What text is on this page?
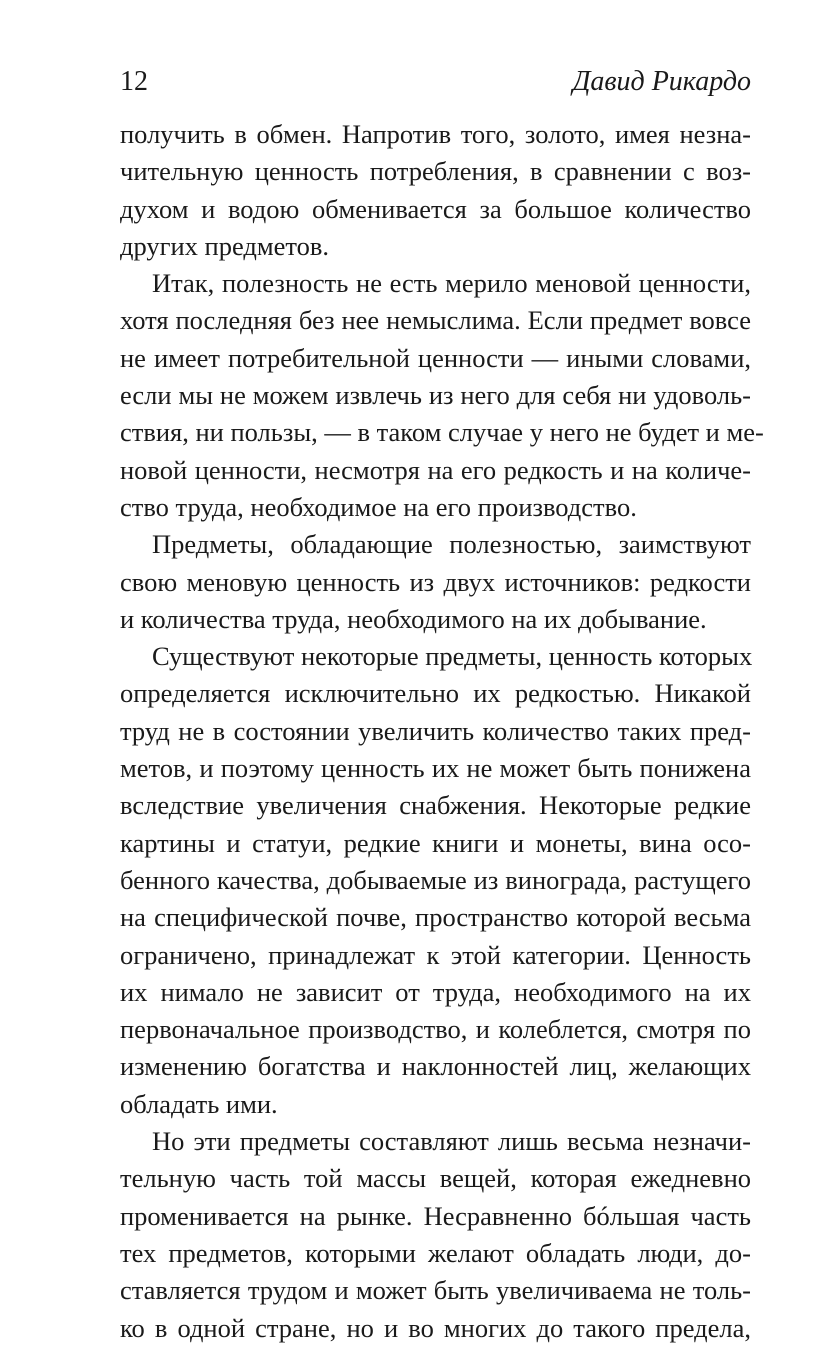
12	Давид Рикардо
получить в обмен. Напротив того, золото, имея незна-
чительную ценность потребления, в сравнении с воз-
духом и водою обменивается за большое количество
других предметов.
Итак, полезность не есть мерило меновой ценности,
хотя последняя без нее немыслима. Если предмет вовсе
не имеет потребительной ценности — иными словами,
если мы не можем извлечь из него для себя ни удоволь-
ствия, ни пользы, — в таком случае у него не будет и ме-
новой ценности, несмотря на его редкость и на количе-
ство труда, необходимое на его производство.
Предметы, обладающие полезностью, заимствуют
свою меновую ценность из двух источников: редкости
и количества труда, необходимого на их добывание.
Существуют некоторые предметы, ценность которых
определяется исключительно их редкостью. Никакой
труд не в состоянии увеличить количество таких пред-
метов, и поэтому ценность их не может быть понижена
вследствие увеличения снабжения. Некоторые редкие
картины и статуи, редкие книги и монеты, вина осо-
бенного качества, добываемые из винограда, растущего
на специфической почве, пространство которой весьма
ограничено, принадлежат к этой категории. Ценность
их нимало не зависит от труда, необходимого на их
первоначальное производство, и колеблется, смотря по
изменению богатства и наклонностей лиц, желающих
обладать ими.
Но эти предметы составляют лишь весьма незначи-
тельную часть той массы вещей, которая ежедневно
променивается на рынке. Несравненно бóльшая часть
тех предметов, которыми желают обладать люди, до-
ставляется трудом и может быть увеличиваема не толь-
ко в одной стране, но и во многих до такого предела,
